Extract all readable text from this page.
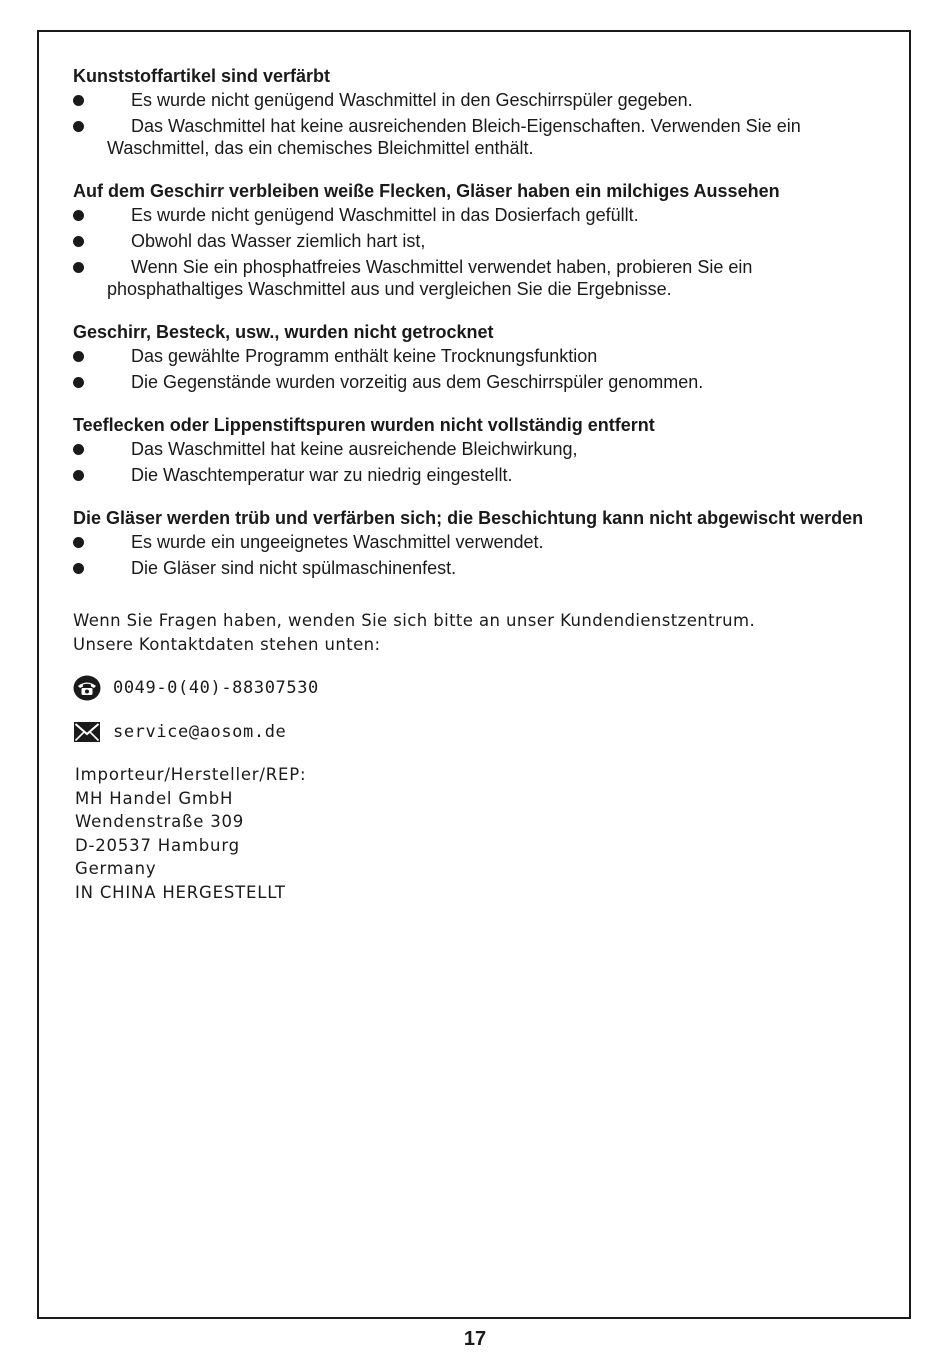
Kunststoffartikel sind verfärbt

Es wurde nicht genügend Waschmittel in den Geschirrspüler gegeben.
Das Waschmittel hat keine ausreichenden Bleich-Eigenschaften. Verwenden Sie ein Waschmittel, das ein chemisches Bleichmittel enthält.

Auf dem Geschirr verbleiben weiße Flecken, Gläser haben ein milchiges Aussehen

Es wurde nicht genügend Waschmittel in das Dosierfach gefüllt.
Obwohl das Wasser ziemlich hart ist,
Wenn Sie ein phosphatfreies Waschmittel verwendet haben, probieren Sie ein phosphathaltiges Waschmittel aus und vergleichen Sie die Ergebnisse.

Geschirr, Besteck, usw., wurden nicht getrocknet

Das gewählte Programm enthält keine Trocknungsfunktion
Die Gegenstände wurden vorzeitig aus dem Geschirrspüler genommen.

Teeflecken oder Lippenstiftspuren wurden nicht vollständig entfernt

Das Waschmittel hat keine ausreichende Bleichwirkung,
Die Waschtemperatur war zu niedrig eingestellt.

Die Gläser werden trüb und verfärben sich; die Beschichtung kann nicht abgewischt werden

Es wurde ein ungeeignetes Waschmittel verwendet.
Die Gläser sind nicht spülmaschinenfest.
Wenn Sie Fragen haben, wenden Sie sich bitte an unser Kundendienstzentrum.
Unsere Kontaktdaten stehen unten:
0049-0(40)-88307530
service@aosom.de
Importeur/Hersteller/REP:
MH Handel GmbH
Wendenstraße 309
D-20537 Hamburg
Germany
IN CHINA HERGESTELLT
17
